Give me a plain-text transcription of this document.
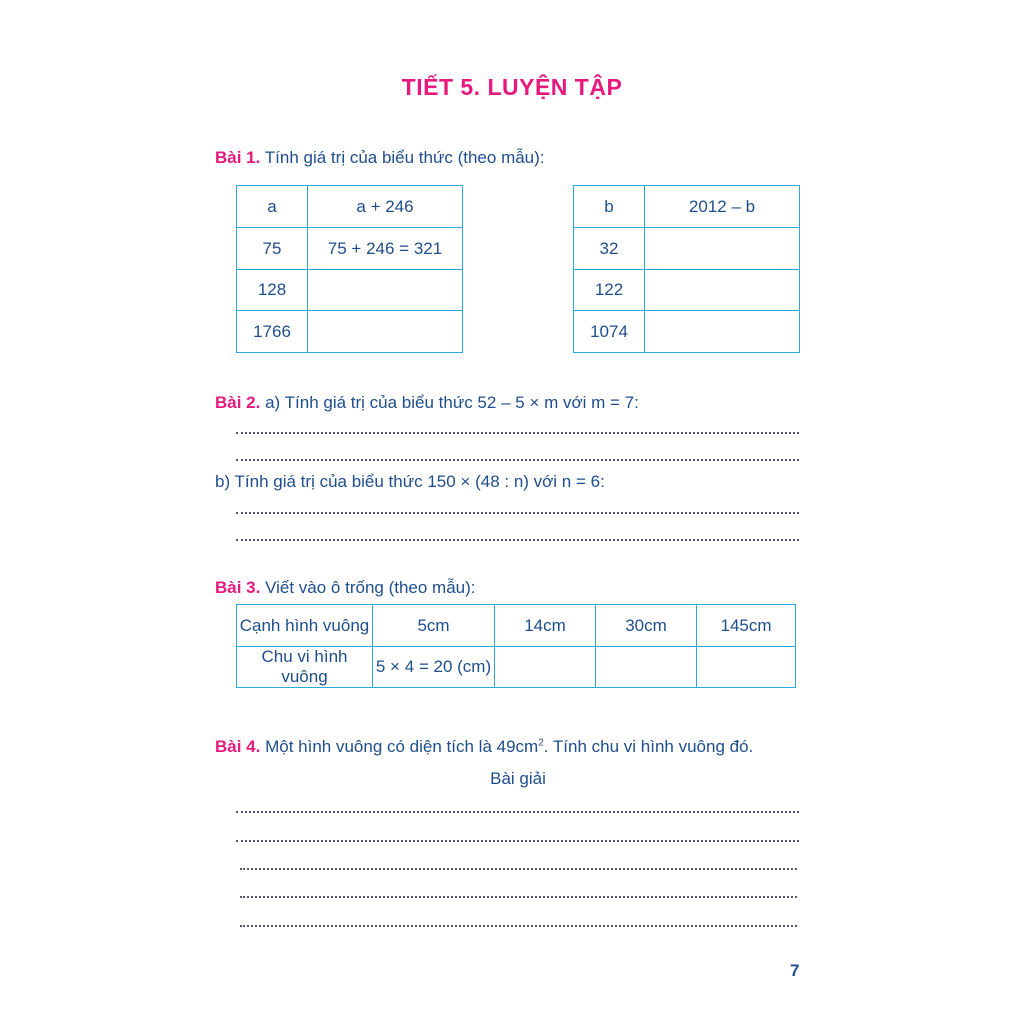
TIẾT 5. LUYỆN TẬP
Bài 1. Tính giá trị của biểu thức (theo mẫu):
a	a + 246
75	75 + 246 = 321
128	
1766	
b	2012 – b
32	
122	
1074	
Bài 2. a) Tính giá trị của biểu thức 52 – 5 × m với m = 7:
b) Tính giá trị của biểu thức 150 × (48 : n) với n = 6:
Bài 3. Viết vào ô trống (theo mẫu):
Cạnh hình vuông	5cm	14cm	30cm	145cm
Chu vi hình vuông	5 × 4 = 20 (cm)			
Bài 4. Một hình vuông có diện tích là $49cm^2$. Tính chu vi hình vuông đó.
Bài giải
7
